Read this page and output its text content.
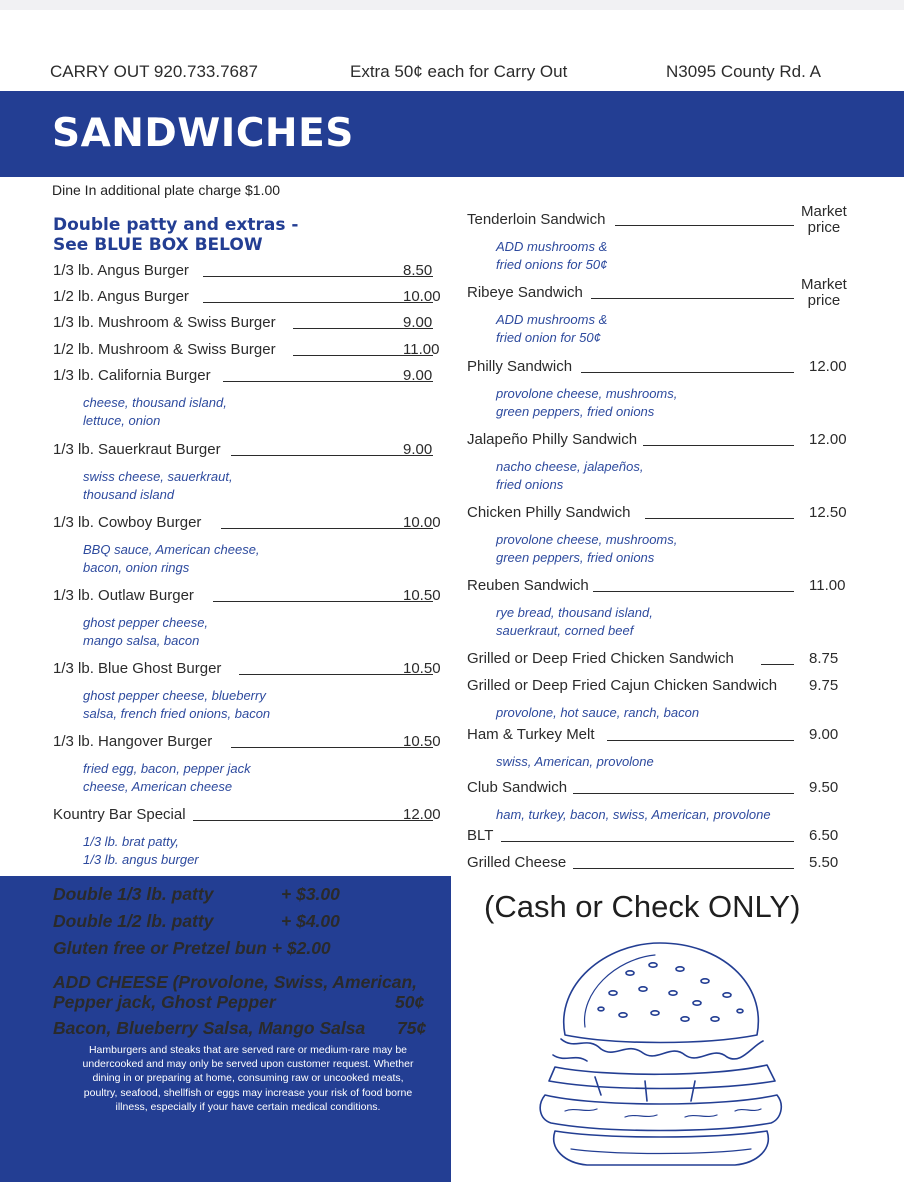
CARRY OUT 920.733.7687	Extra 50¢ each for Carry Out	N3095 County Rd. A
SANDWICHES
Dine In additional plate charge $1.00
Double patty and extras -
See BLUE BOX BELOW
1/3 lb. Angus Burger	8.50
1/2 lb. Angus Burger	10.00
1/3 lb. Mushroom & Swiss Burger	9.00
1/2 lb. Mushroom & Swiss Burger	11.00
1/3 lb. California Burger	9.00
cheese, thousand island,
lettuce, onion
1/3 lb. Sauerkraut Burger	9.00
swiss cheese, sauerkraut,
thousand island
1/3 lb. Cowboy Burger	10.00
BBQ sauce, American cheese,
bacon, onion rings
1/3 lb. Outlaw Burger	10.50
ghost pepper cheese,
mango salsa, bacon
1/3 lb. Blue Ghost Burger	10.50
ghost pepper cheese, blueberry
salsa, french fried onions, bacon
1/3 lb. Hangover Burger	10.50
fried egg, bacon, pepper jack
cheese, American cheese
Kountry Bar Special	12.00
1/3 lb. brat patty,
1/3 lb. angus burger
Tenderloin Sandwich	Market
price
ADD mushrooms &
fried onions for 50¢
Ribeye Sandwich	Market
price
ADD mushrooms &
fried onion for 50¢
Philly Sandwich	12.00
provolone cheese, mushrooms,
green peppers, fried onions
Jalapeño Philly Sandwich	12.00
nacho cheese, jalapeños,
fried onions
Chicken Philly Sandwich	12.50
provolone cheese, mushrooms,
green peppers, fried onions
Reuben Sandwich	11.00
rye bread, thousand island,
sauerkraut, corned beef
Grilled or Deep Fried Chicken Sandwich	8.75
Grilled or Deep Fried Cajun Chicken Sandwich 9.75
provolone, hot sauce, ranch, bacon
Ham & Turkey Melt	9.00
swiss, American, provolone
Club Sandwich	9.50
ham, turkey, bacon, swiss, American, provolone
BLT	6.50
Grilled Cheese	5.50
Double 1/3 lb. patty	+ $3.00
Double 1/2 lb. patty	+ $4.00
Gluten free or Pretzel bun + $2.00
ADD CHEESE (Provolone, Swiss, American,
Pepper jack, Ghost Pepper	50¢
Bacon, Blueberry Salsa, Mango Salsa 75¢
Hamburgers and steaks that are served rare or medium-rare may be undercooked and may only be served upon customer request. Whether dining in or preparing at home, consuming raw or uncooked meats, poultry, seafood, shellfish or eggs may increase your risk of food borne illness, especially if your have certain medical conditions.
(Cash or Check ONLY)
